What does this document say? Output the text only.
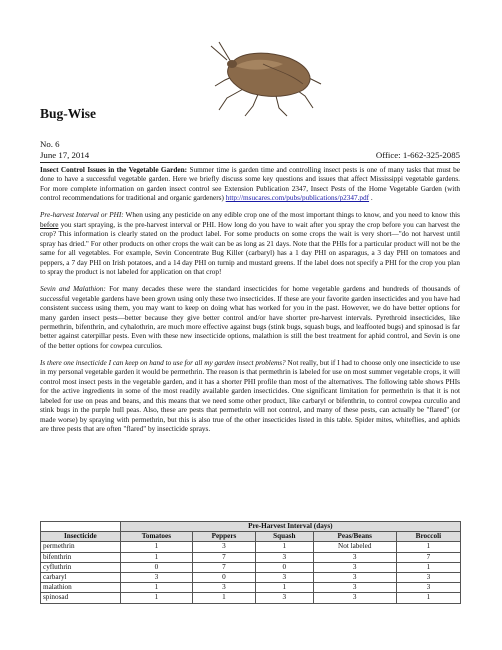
Bug-Wise
No. 6
June 17, 2014	Office: 1-662-325-2085

Insect Control Issues in the Vegetable Garden: Summer time is garden time and controlling insect pests is one of many tasks that must be done to have a successful vegetable garden. Here we briefly discuss some key questions and issues that affect Mississippi vegetable gardens. For more complete information on garden insect control see Extension Publication 2347, Insect Pests of the Home Vegetable Garden (with control recommendations for traditional and organic gardeners) http://msucares.com/pubs/publications/p2347.pdf .

Pre-harvest Interval or PHI: When using any pesticide on any edible crop one of the most important things to know, and you need to know this before you start spraying, is the pre-harvest interval or PHI. How long do you have to wait after you spray the crop before you can harvest the crop? This information is clearly stated on the product label. For some products on some crops the wait is very short—"do not harvest until spray has dried." For other products on other crops the wait can be as long as 21 days. Note that the PHIs for a particular product will not be the same for all vegetables. For example, Sevin Concentrate Bug Killer (carbaryl) has a 1 day PHI on asparagus, a 3 day PHI on tomatoes and peppers, a 7 day PHI on Irish potatoes, and a 14 day PHI on turnip and mustard greens. If the label does not specify a PHI for the crop you plan to spray the product is not labeled for application on that crop!

Sevin and Malathion: For many decades these were the standard insecticides for home vegetable gardens and hundreds of thousands of successful vegetable gardens have been grown using only these two insecticides. If these are your favorite garden insecticides and you have had consistent success using them, you may want to keep on doing what has worked for you in the past. However, we do have better options for many garden insect pests—better because they give better control and/or have shorter pre-harvest intervals. Pyrethroid insecticides, like permethrin, bifenthrin, and cyhalothrin, are much more effective against bugs (stink bugs, squash bugs, and leaffooted bugs) and spinosad is far better against caterpillar pests. Even with these new insecticide options, malathion is still the best treatment for aphid control, and Sevin is one of the better options for cowpea curculios.

Is there one insecticide I can keep on hand to use for all my garden insect problems? Not really, but if I had to choose only one insecticide to use in my personal vegetable garden it would be permethrin. The reason is that permethrin is labeled for use on most summer vegetable crops, it will control most insect pests in the vegetable garden, and it has a shorter PHI profile than most of the alternatives. The following table shows PHIs for the active ingredients in some of the most readily available garden insecticides. One significant limitation for permethrin is that it is not labeled for use on peas and beans, and this means that we need some other product, like carbaryl or bifenthrin, to control cowpea curculio and stink bugs in the purple hull peas. Also, these are pests that permethrin will not control, and many of these pests, can actually be "flared" (or made worse) by spraying with permethrin, but this is also true of the other insecticides listed in this table. Spider mites, whiteflies, and aphids are three pests that are often "flared" by insecticide sprays.

	Pre-Harvest Interval (days)				
Insecticide	Tomatoes	Peppers	Squash	Peas/Beans	Broccoli
permethrin	1	3	1	Not labeled	1
bifenthrin	1	7	3	3	7
cyfluthrin	0	7	0	3	1
carbaryl	3	0	3	3	3
malathion	1	3	1	3	3
spinosad	1	1	3	3	1
